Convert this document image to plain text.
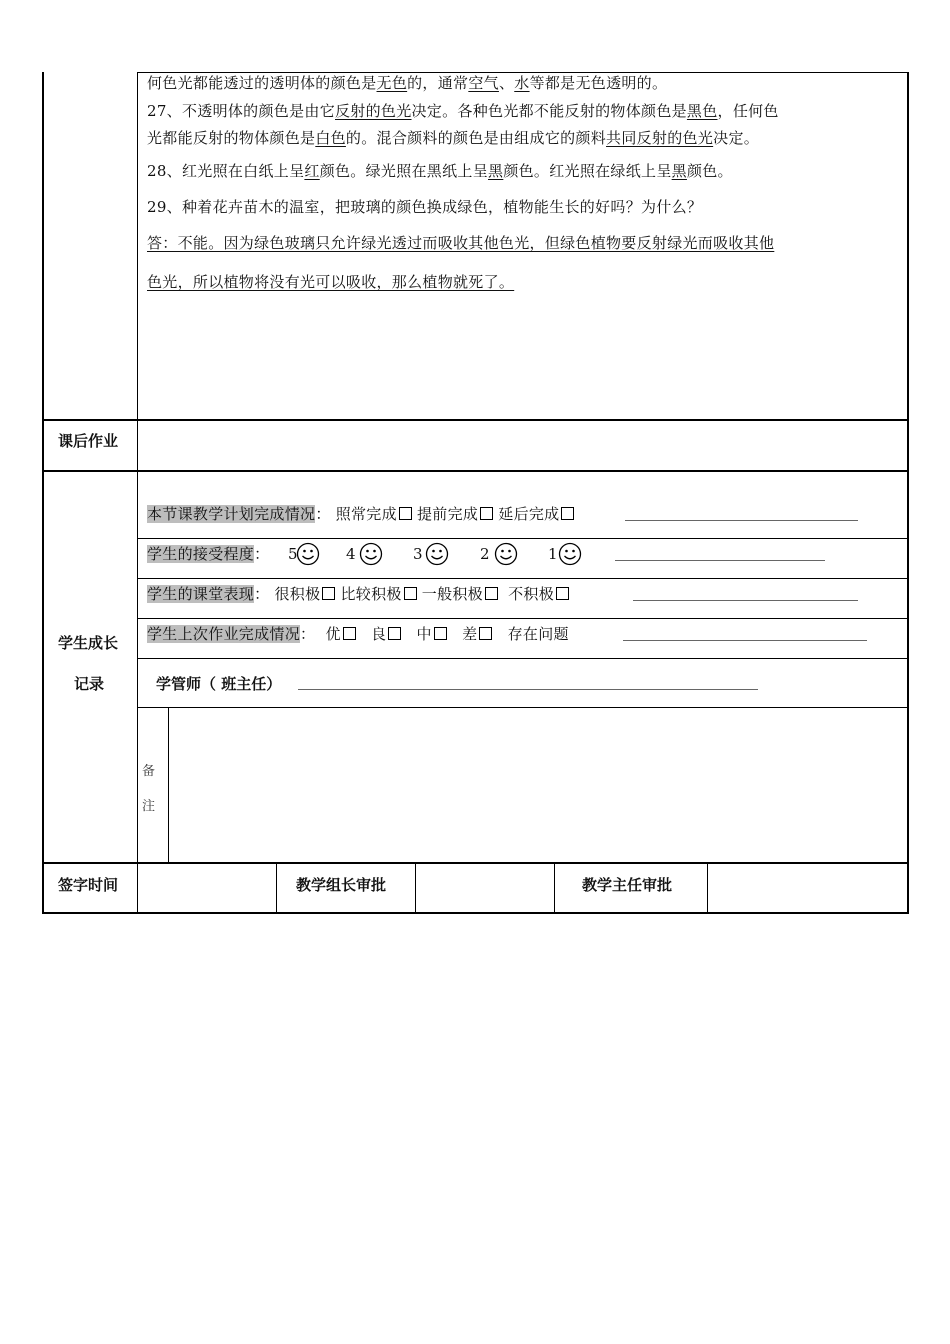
何色光都能透过的透明体的颜色是无色的，通常空气、水等都是无色透明的。
27、不透明体的颜色是由它反射的色光决定。各种色光都不能反射的物体颜色是黑色，任何色
光都能反射的物体颜色是白色的。混合颜料的颜色是由组成它的颜料共同反射的色光决定。
28、红光照在白纸上呈红颜色。绿光照在黑纸上呈黑颜色。红光照在绿纸上呈黑颜色。
29、种着花卉苗木的温室，把玻璃的颜色换成绿色，植物能生长的好吗？为什么？
答：不能。因为绿色玻璃只允许绿光透过而吸收其他色光，但绿色植物要反射绿光而吸收其他
色光，所以植物将没有光可以吸收，那么植物就死了。
课后作业
学生成长
记录
本节课教学计划完成情况： 照常完成 提前完成 延后完成
学生的接受程度： 5	4	3	2	1
学生的课堂表现： 很积极 比较积极 一般积极 不积极
学生上次作业完成情况： 优 良 中 差 存在问题
学管师（ 班主任）
备
注
签字时间	教学组长审批	教学主任审批
